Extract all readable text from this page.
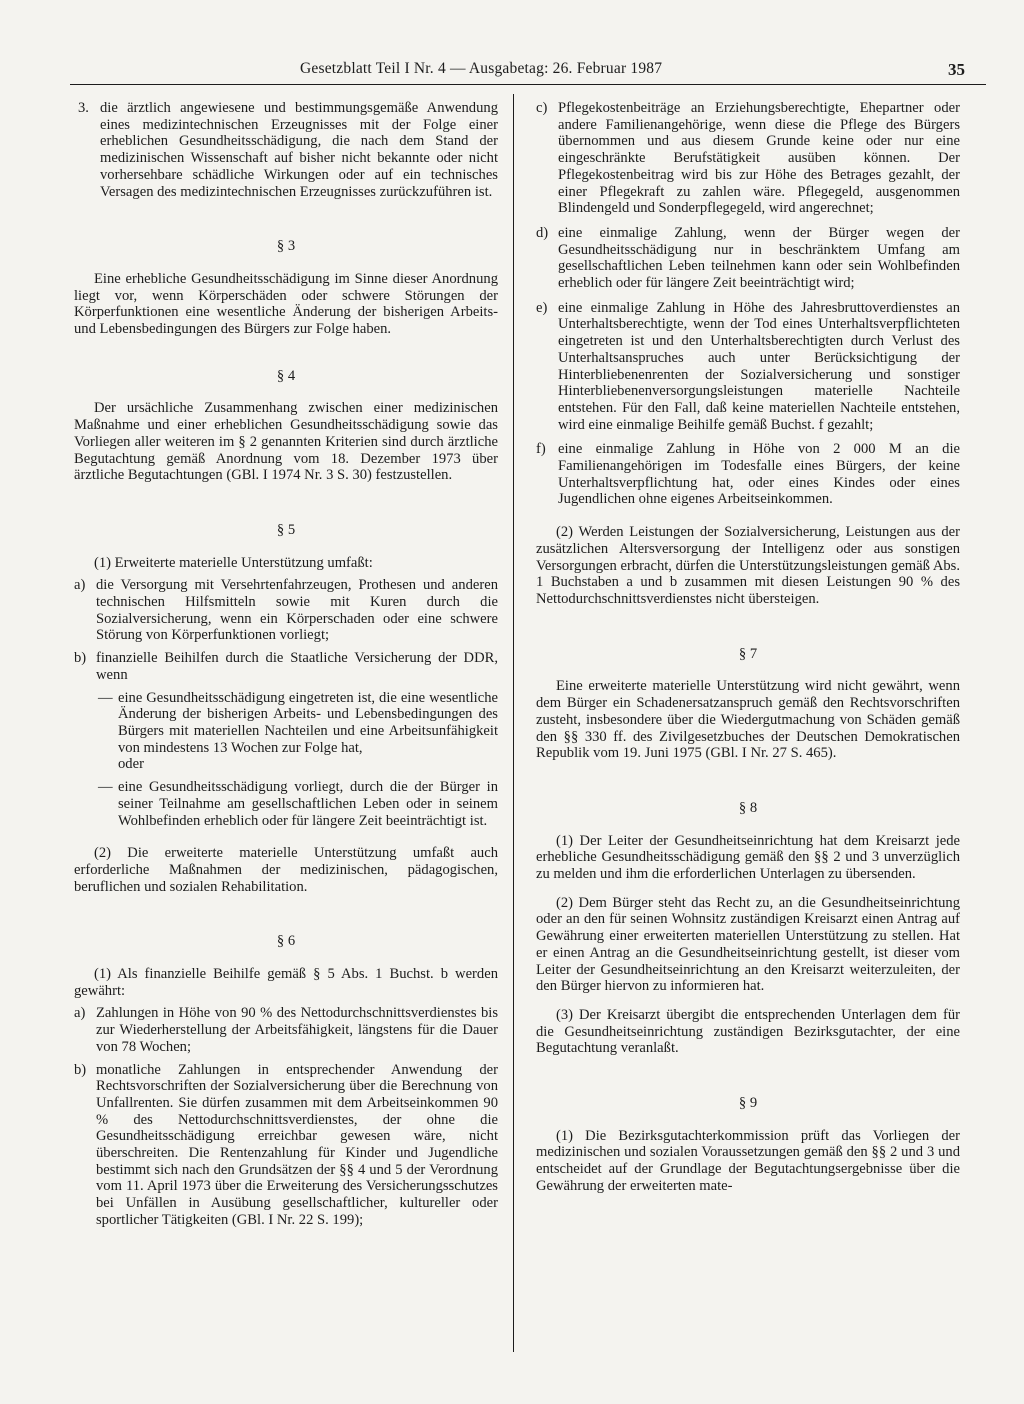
Gesetzblatt Teil I Nr. 4 — Ausgabetag: 26. Februar 1987	35
3. die ärztlich angewiesene und bestimmungsgemäße Anwendung eines medizintechnischen Erzeugnisses mit der Folge einer erheblichen Gesundheitsschädigung, die nach dem Stand der medizinischen Wissenschaft auf bisher nicht bekannte oder nicht vorhersehbare schädliche Wirkungen oder auf ein technisches Versagen des medizintechnischen Erzeugnisses zurückzuführen ist.

§ 3

Eine erhebliche Gesundheitsschädigung im Sinne dieser Anordnung liegt vor, wenn Körperschäden oder schwere Störungen der Körperfunktionen eine wesentliche Änderung der bisherigen Arbeits- und Lebensbedingungen des Bürgers zur Folge haben.

§ 4

Der ursächliche Zusammenhang zwischen einer medizinischen Maßnahme und einer erheblichen Gesundheitsschädigung sowie das Vorliegen aller weiteren im § 2 genannten Kriterien sind durch ärztliche Begutachtung gemäß Anordnung vom 18. Dezember 1973 über ärztliche Begutachtungen (GBl. I 1974 Nr. 3 S. 30) festzustellen.

§ 5

(1) Erweiterte materielle Unterstützung umfaßt:

a) die Versorgung mit Versehrtenfahrzeugen, Prothesen und anderen technischen Hilfsmitteln sowie mit Kuren durch die Sozialversicherung, wenn ein Körperschaden oder eine schwere Störung von Körperfunktionen vorliegt;
b) finanzielle Beihilfen durch die Staatliche Versicherung der DDR, wenn
— eine Gesundheitsschädigung eingetreten ist, die eine wesentliche Änderung der bisherigen Arbeits- und Lebensbedingungen des Bürgers mit materiellen Nachteilen und eine Arbeitsunfähigkeit von mindestens 13 Wochen zur Folge hat,
oder
— eine Gesundheitsschädigung vorliegt, durch die der Bürger in seiner Teilnahme am gesellschaftlichen Leben oder in seinem Wohlbefinden erheblich oder für längere Zeit beeinträchtigt ist.

(2) Die erweiterte materielle Unterstützung umfaßt auch erforderliche Maßnahmen der medizinischen, pädagogischen, beruflichen und sozialen Rehabilitation.

§ 6

(1) Als finanzielle Beihilfe gemäß § 5 Abs. 1 Buchst. b werden gewährt:

a) Zahlungen in Höhe von 90 % des Nettodurchschnittsverdienstes bis zur Wiederherstellung der Arbeitsfähigkeit, längstens für die Dauer von 78 Wochen;
b) monatliche Zahlungen in entsprechender Anwendung der Rechtsvorschriften der Sozialversicherung über die Berechnung von Unfallrenten. Sie dürfen zusammen mit dem Arbeitseinkommen 90 % des Nettodurchschnittsverdienstes, der ohne die Gesundheitsschädigung erreichbar gewesen wäre, nicht überschreiten. Die Rentenzahlung für Kinder und Jugendliche bestimmt sich nach den Grundsätzen der §§ 4 und 5 der Verordnung vom 11. April 1973 über die Erweiterung des Versicherungsschutzes bei Unfällen in Ausübung gesellschaftlicher, kultureller oder sportlicher Tätigkeiten (GBl. I Nr. 22 S. 199);
c) Pflegekostenbeiträge an Erziehungsberechtigte, Ehepartner oder andere Familienangehörige, wenn diese die Pflege des Bürgers übernommen und aus diesem Grunde keine oder nur eine eingeschränkte Berufstätigkeit ausüben können. Der Pflegekostenbeitrag wird bis zur Höhe des Betrages gezahlt, der einer Pflegekraft zu zahlen wäre. Pflegegeld, ausgenommen Blindengeld und Sonderpflegegeld, wird angerechnet;
d) eine einmalige Zahlung, wenn der Bürger wegen der Gesundheitsschädigung nur in beschränktem Umfang am gesellschaftlichen Leben teilnehmen kann oder sein Wohlbefinden erheblich oder für längere Zeit beeinträchtigt wird;
e) eine einmalige Zahlung in Höhe des Jahresbruttoverdienstes an Unterhaltsberechtigte, wenn der Tod eines Unterhaltsverpflichteten eingetreten ist und den Unterhaltsberechtigten durch Verlust des Unterhaltsanspruches auch unter Berücksichtigung der Hinterbliebenenrenten der Sozialversicherung und sonstiger Hinterbliebenenversorgungsleistungen materielle Nachteile entstehen. Für den Fall, daß keine materiellen Nachteile entstehen, wird eine einmalige Beihilfe gemäß Buchst. f gezahlt;
f) eine einmalige Zahlung in Höhe von 2 000 M an die Familienangehörigen im Todesfalle eines Bürgers, der keine Unterhaltsverpflichtung hat, oder eines Kindes oder eines Jugendlichen ohne eigenes Arbeitseinkommen.

(2) Werden Leistungen der Sozialversicherung, Leistungen aus der zusätzlichen Altersversorgung der Intelligenz oder aus sonstigen Versorgungen erbracht, dürfen die Unterstützungsleistungen gemäß Abs. 1 Buchstaben a und b zusammen mit diesen Leistungen 90 % des Nettodurchschnittsverdienstes nicht übersteigen.

§ 7

Eine erweiterte materielle Unterstützung wird nicht gewährt, wenn dem Bürger ein Schadenersatzanspruch gemäß den Rechtsvorschriften zusteht, insbesondere über die Wiedergutmachung von Schäden gemäß den §§ 330 ff. des Zivilgesetzbuches der Deutschen Demokratischen Republik vom 19. Juni 1975 (GBl. I Nr. 27 S. 465).

§ 8

(1) Der Leiter der Gesundheitseinrichtung hat dem Kreisarzt jede erhebliche Gesundheitsschädigung gemäß den §§ 2 und 3 unverzüglich zu melden und ihm die erforderlichen Unterlagen zu übersenden.

(2) Dem Bürger steht das Recht zu, an die Gesundheitseinrichtung oder an den für seinen Wohnsitz zuständigen Kreisarzt einen Antrag auf Gewährung einer erweiterten materiellen Unterstützung zu stellen. Hat er einen Antrag an die Gesundheitseinrichtung gestellt, ist dieser vom Leiter der Gesundheitseinrichtung an den Kreisarzt weiterzuleiten, der den Bürger hiervon zu informieren hat.

(3) Der Kreisarzt übergibt die entsprechenden Unterlagen dem für die Gesundheitseinrichtung zuständigen Bezirksgutachter, der eine Begutachtung veranlaßt.

§ 9

(1) Die Bezirksgutachterkommission prüft das Vorliegen der medizinischen und sozialen Voraussetzungen gemäß den §§ 2 und 3 und entscheidet auf der Grundlage der Begutachtungsergebnisse über die Gewährung der erweiterten mate-
